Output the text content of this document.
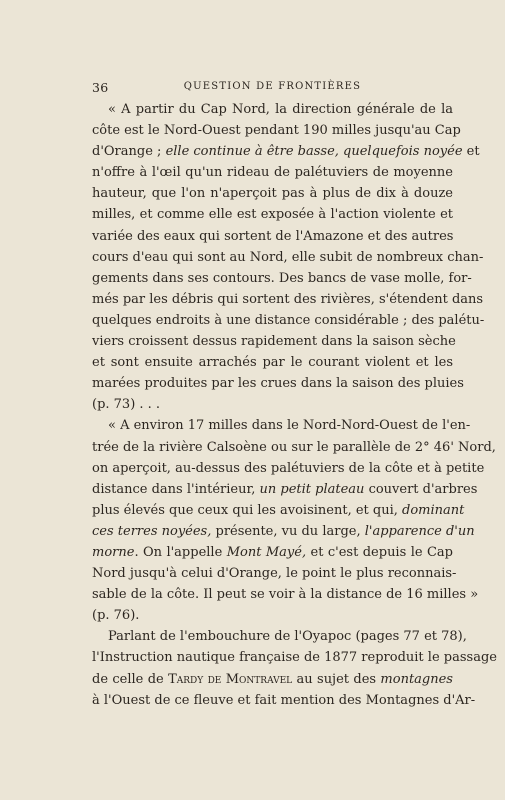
36	QUESTION DE FRONTIÈRES
« A partir du Cap Nord, la direction générale de la
côte est le Nord-Ouest pendant 190 milles jusqu'au Cap
d'Orange ; elle continue à être basse, quelquefois noyée et
n'offre à l'œil qu'un rideau de palétuviers de moyenne
hauteur, que l'on n'aperçoit pas à plus de dix à douze
milles, et comme elle est exposée à l'action violente et
variée des eaux qui sortent de l'Amazone et des autres
cours d'eau qui sont au Nord, elle subit de nombreux chan-
gements dans ses contours. Des bancs de vase molle, for-
més par les débris qui sortent des rivières, s'étendent dans
quelques endroits à une distance considérable ; des palétu-
viers croissent dessus rapidement dans la saison sèche
et sont ensuite arrachés par le courant violent et les
marées produites par les crues dans la saison des pluies
(p. 73) . . .
« A environ 17 milles dans le Nord-Nord-Ouest de l'en-
trée de la rivière Calsoène ou sur le parallèle de 2° 46' Nord,
on aperçoit, au-dessus des palétuviers de la côte et à petite
distance dans l'intérieur, un petit plateau couvert d'arbres
plus élevés que ceux qui les avoisinent, et qui, dominant
ces terres noyées, présente, vu du large, l'apparence d'un
morne. On l'appelle Mont Mayé, et c'est depuis le Cap
Nord jusqu'à celui d'Orange, le point le plus reconnais-
sable de la côte. Il peut se voir à la distance de 16 milles »
(p. 76).
Parlant de l'embouchure de l'Oyapoc (pages 77 et 78),
l'Instruction nautique française de 1877 reproduit le passage
de celle de Tardy de Montravel au sujet des montagnes
à l'Ouest de ce fleuve et fait mention des Montagnes d'Ar-
